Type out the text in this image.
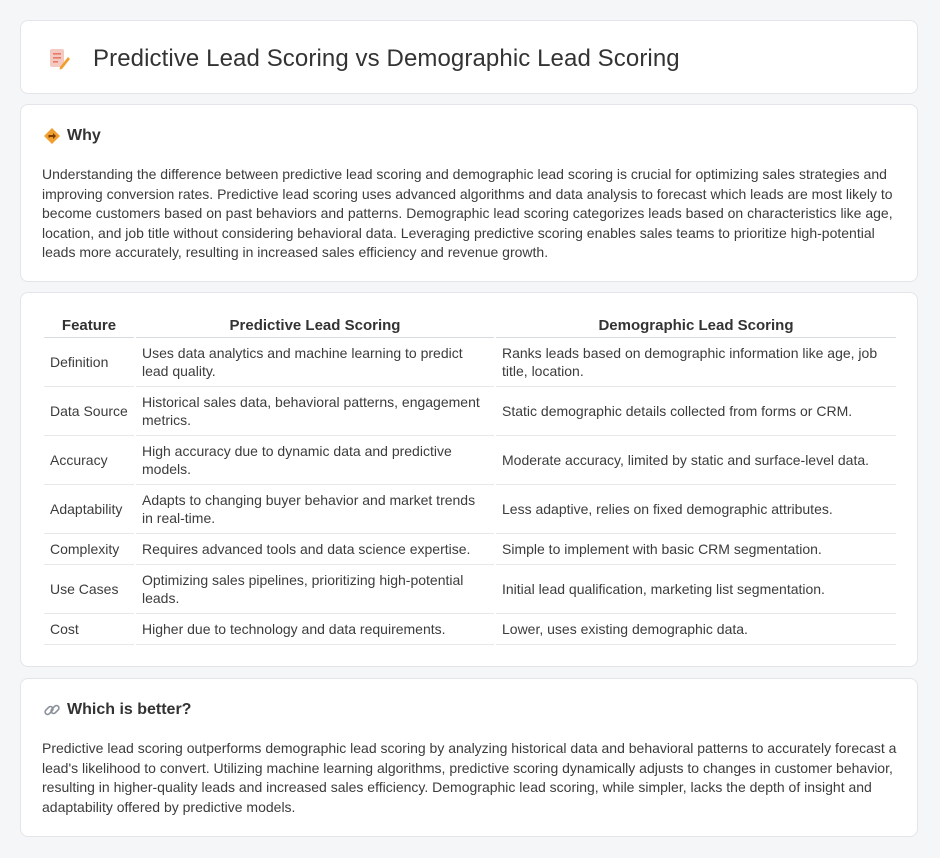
Predictive Lead Scoring vs Demographic Lead Scoring
Why

Understanding the difference between predictive lead scoring and demographic lead scoring is crucial for optimizing sales strategies and improving conversion rates. Predictive lead scoring uses advanced algorithms and data analysis to forecast which leads are most likely to become customers based on past behaviors and patterns. Demographic lead scoring categorizes leads based on characteristics like age, location, and job title without considering behavioral data. Leveraging predictive scoring enables sales teams to prioritize high-potential leads more accurately, resulting in increased sales efficiency and revenue growth.

Feature	Predictive Lead Scoring	Demographic Lead Scoring
Definition	Uses data analytics and machine learning to predict lead quality.	Ranks leads based on demographic information like age, job title, location.
Data Source	Historical sales data, behavioral patterns, engagement metrics.	Static demographic details collected from forms or CRM.
Accuracy	High accuracy due to dynamic data and predictive models.	Moderate accuracy, limited by static and surface-level data.
Adaptability	Adapts to changing buyer behavior and market trends in real-time.	Less adaptive, relies on fixed demographic attributes.
Complexity	Requires advanced tools and data science expertise.	Simple to implement with basic CRM segmentation.
Use Cases	Optimizing sales pipelines, prioritizing high-potential leads.	Initial lead qualification, marketing list segmentation.
Cost	Higher due to technology and data requirements.	Lower, uses existing demographic data.
Which is better?

Predictive lead scoring outperforms demographic lead scoring by analyzing historical data and behavioral patterns to accurately forecast a lead's likelihood to convert. Utilizing machine learning algorithms, predictive scoring dynamically adjusts to changes in customer behavior, resulting in higher-quality leads and increased sales efficiency. Demographic lead scoring, while simpler, lacks the depth of insight and adaptability offered by predictive models.
